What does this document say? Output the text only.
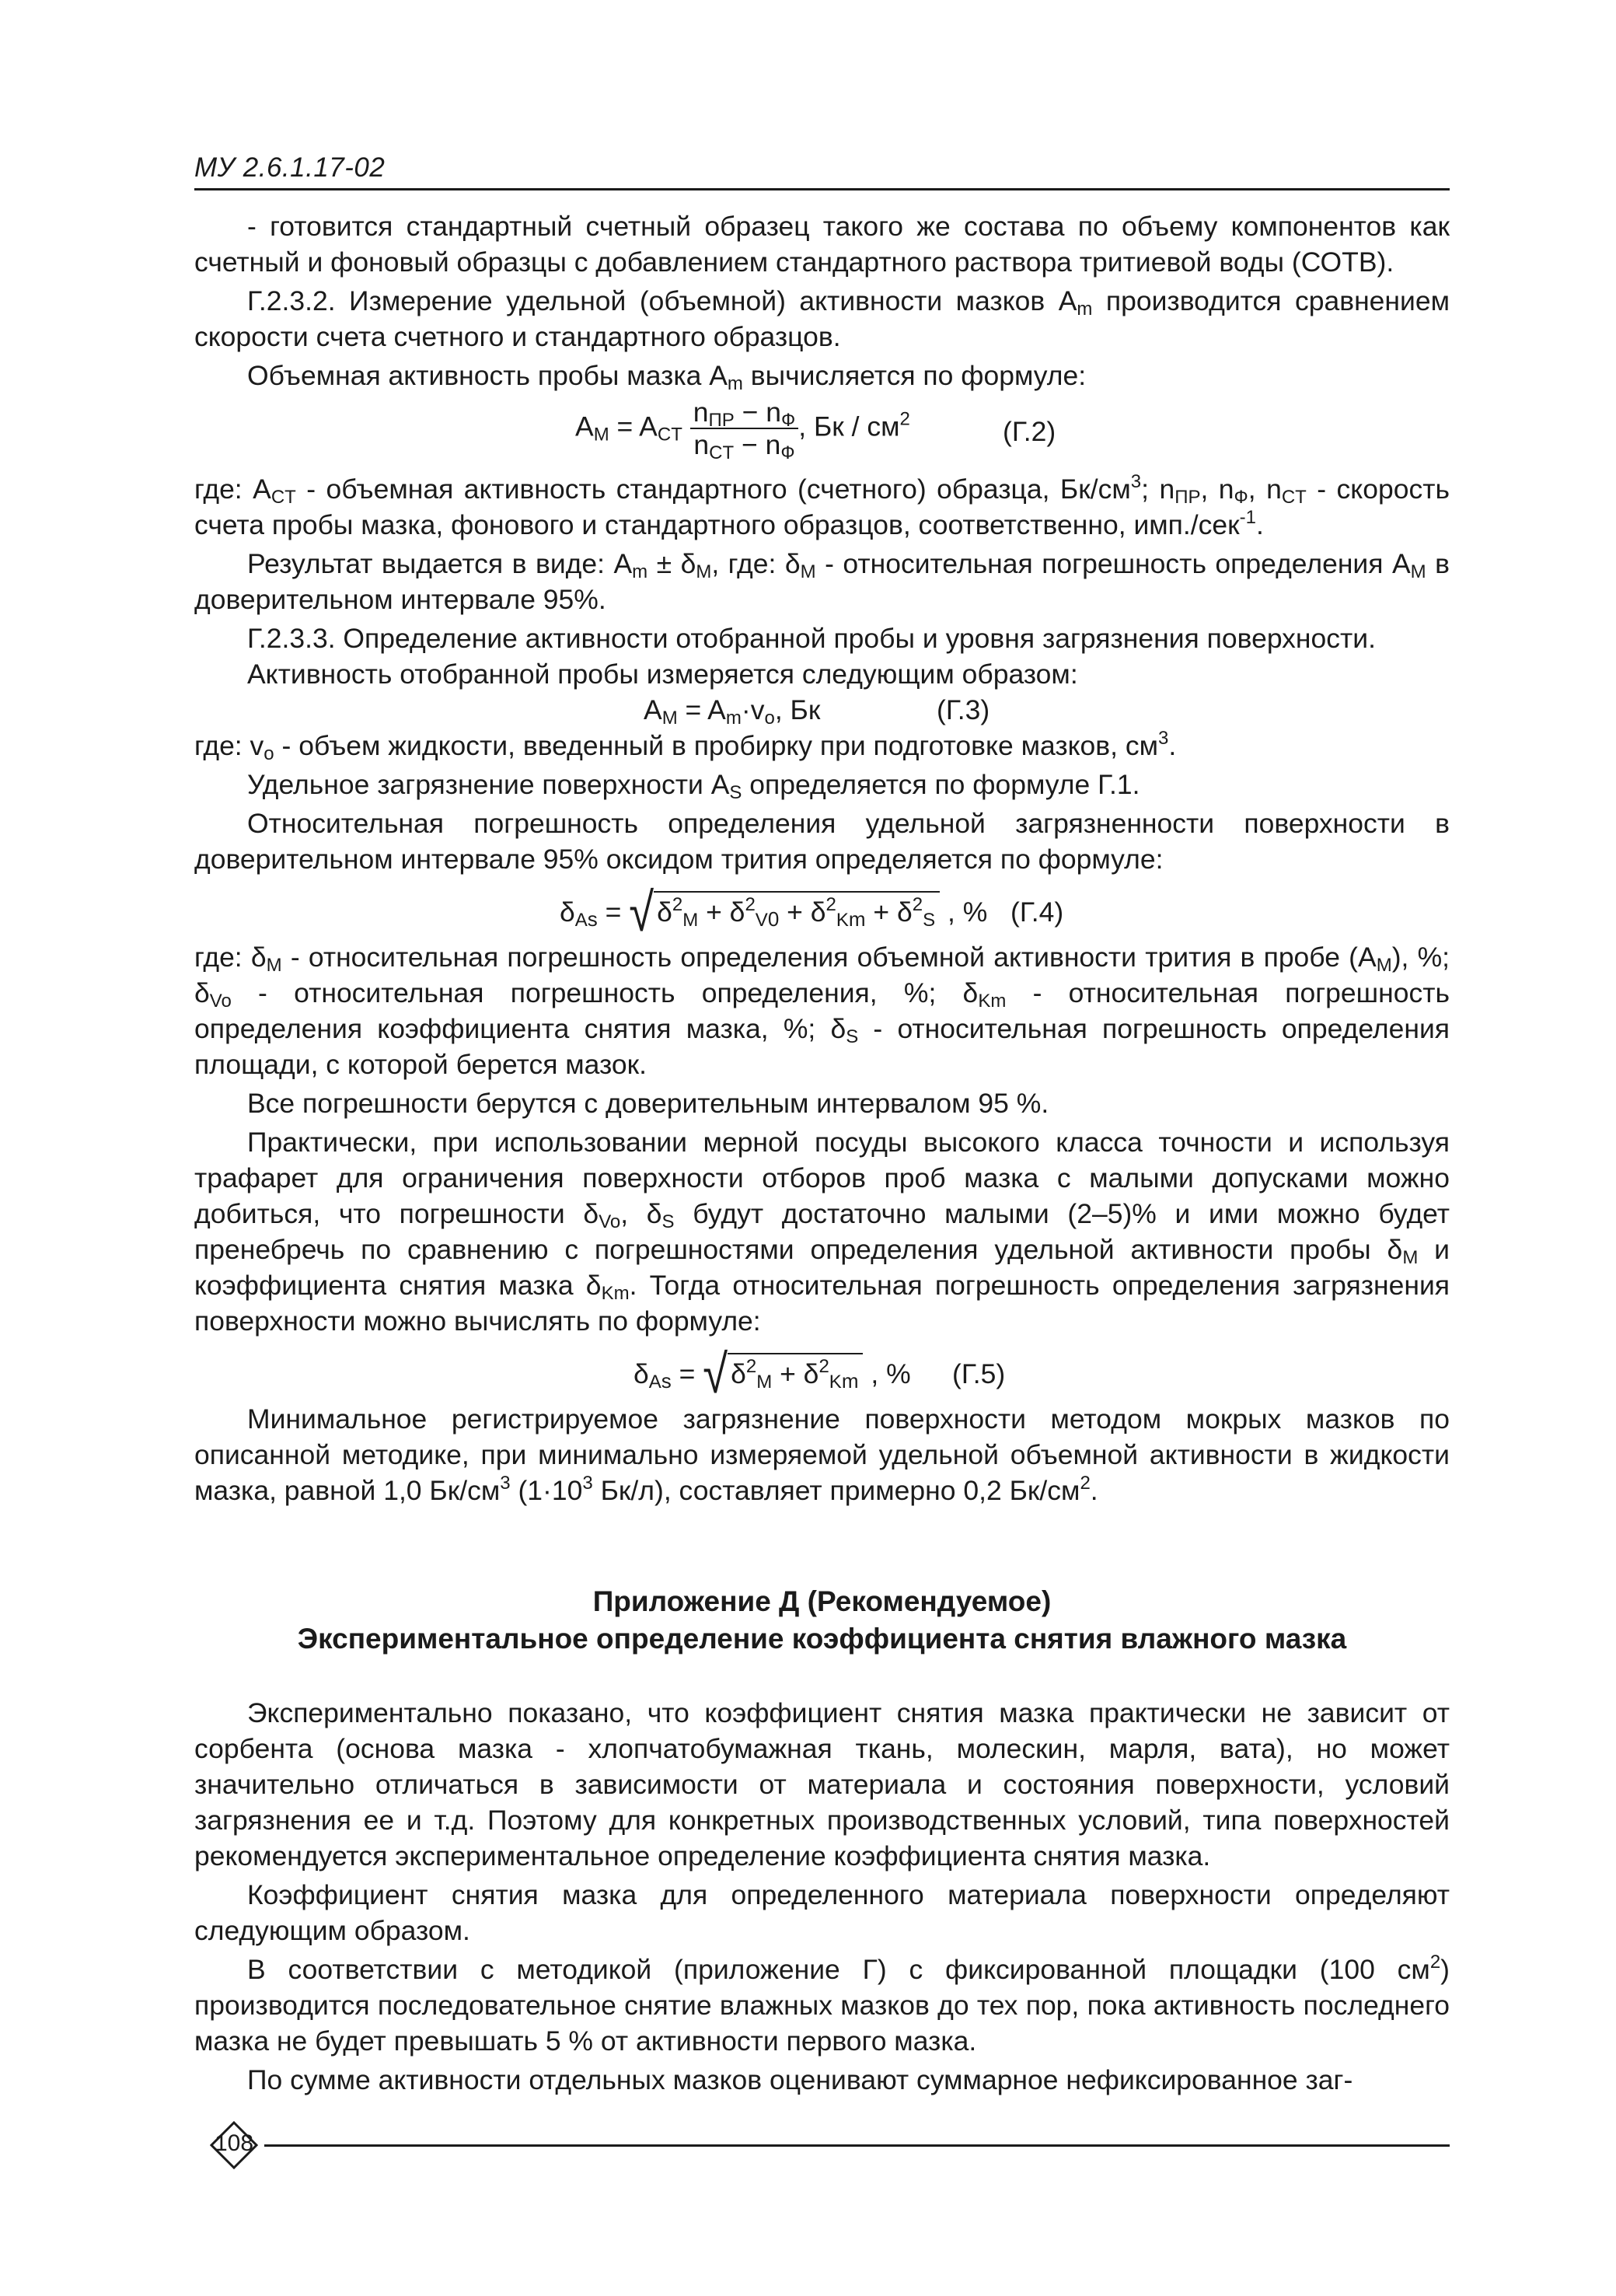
МУ 2.6.1.17-02

- готовится стандартный счетный образец такого же состава по объему компонентов как счетный и фоновый образцы с добавлением стандартного раствора тритиевой воды (СОТВ).

Г.2.3.2. Измерение удельной (объемной) активности мазков $A_m$ производится сравнением скорости счета счетного и стандартного образцов.

Объемная активность пробы мазка $A_m$ вычисляется по формуле:

$A_M = A_{CT} \frac{n_{ПР} - n_Ф}{n_{CT} - n_Ф}$ , Бк / $см^2$	(Г.2)

где: $A_{CT}$ - объемная активность стандартного (счетного) образца, $Бк/см^3$; $n_{ПР}$, $n_Ф$, $n_{CT}$ - скорость счета пробы мазка, фонового и стандартного образцов, соответственно, имп./сек$^{-1}$.

Результат выдается в виде: $A_m \pm \delta_M$, где: $\delta_M$ - относительная погрешность определения $A_M$ в доверительном интервале 95%.

Г.2.3.3. Определение активности отобранной пробы и уровня загрязнения поверхности.

Активность отобранной пробы измеряется следующим образом:

$A_M = A_m\cdot v_o$, Бк	(Г.3)

где: $v_o$ - объем жидкости, введенный в пробирку при подготовке мазков, $см^3$.

Удельное загрязнение поверхности $A_S$ определяется по формуле Г.1.

Относительная погрешность определения удельной загрязненности поверхности в доверительном интервале 95% оксидом трития определяется по формуле:

$\delta_{As}$ = √ $\delta^2_M + \delta^2_{V0} + \delta^2_{Km} + \delta^2_S$ , % (Г.4)

где: $\delta_M$ - относительная погрешность определения объемной активности трития в пробе $(A_M)$, %; $\delta_{Vo}$ - относительная погрешность определения, %; $\delta_{Km}$ - относительная погрешность определения коэффициента снятия мазка, %; $\delta_S$ - относительная погрешность определения площади, с которой берется мазок.

Все погрешности берутся с доверительным интервалом 95 %.

Практически, при использовании мерной посуды высокого класса точности и используя трафарет для ограничения поверхности отборов проб мазка с малыми допусками можно добиться, что погрешности $\delta_{Vo}$, $\delta_S$ будут достаточно малыми (2–5)% и ими можно будет пренебречь по сравнению с погрешностями определения удельной активности пробы $\delta_M$ и коэффициента снятия мазка $\delta_{Km}$. Тогда относительная погрешность определения загрязнения поверхности можно вычислять по формуле:

$\delta_{As}$ = √ $\delta^2_M + \delta^2_{Km}$ , % (Г.5)

Минимальное регистрируемое загрязнение поверхности методом мокрых мазков по описанной методике, при минимально измеряемой удельной объемной активности в жидкости мазка, равной 1,0 $Бк/см^3$ ($1\cdot 10^3$ Бк/л), составляет примерно 0,2 $Бк/см^2$.

Приложение Д (Рекомендуемое)
Экспериментальное определение коэффициента снятия влажного мазка

Экспериментально показано, что коэффициент снятия мазка практически не зависит от сорбента (основа мазка - хлопчатобумажная ткань, молескин, марля, вата), но может значительно отличаться в зависимости от материала и состояния поверхности, условий загрязнения ее и т.д. Поэтому для конкретных производственных условий, типа поверхностей рекомендуется экспериментальное определение коэффициента снятия мазка.

Коэффициент снятия мазка для определенного материала поверхности определяют следующим образом.

В соответствии с методикой (приложение Г) с фиксированной площадки (100 $см^2$) производится последовательное снятие влажных мазков до тех пор, пока активность последнего мазка не будет превышать 5 % от активности первого мазка.

По сумме активности отдельных мазков оценивают суммарное нефиксированное заг-

108
